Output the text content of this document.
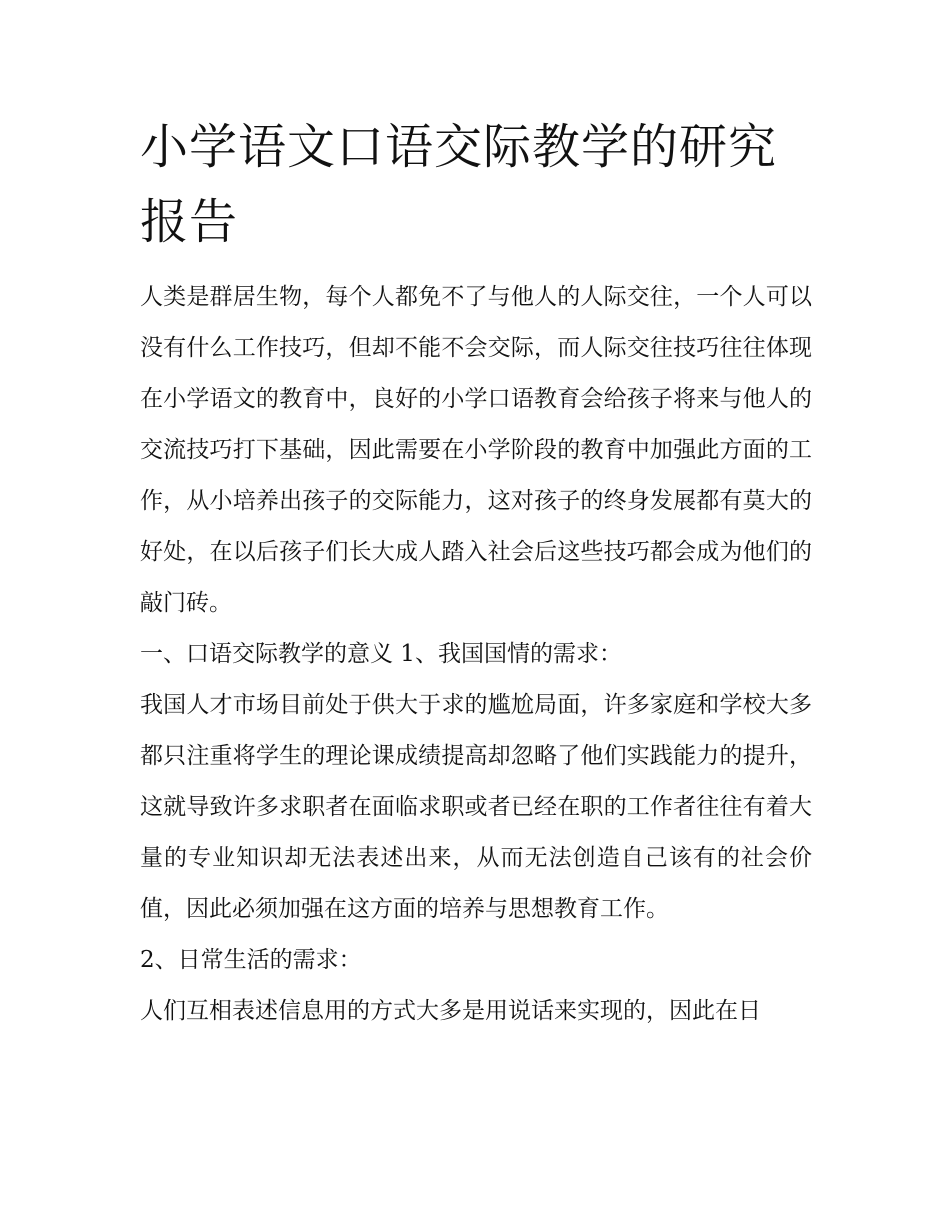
小学语文口语交际教学的研究报告

人类是群居生物，每个人都免不了与他人的人际交往，一个人可以没有什么工作技巧，但却不能不会交际，而人际交往技巧往往体现在小学语文的教育中，良好的小学口语教育会给孩子将来与他人的交流技巧打下基础，因此需要在小学阶段的教育中加强此方面的工作，从小培养出孩子的交际能力，这对孩子的终身发展都有莫大的好处，在以后孩子们长大成人踏入社会后这些技巧都会成为他们的敲门砖。

一、口语交际教学的意义 1、我国国情的需求：

我国人才市场目前处于供大于求的尴尬局面，许多家庭和学校大多都只注重将学生的理论课成绩提高却忽略了他们实践能力的提升，这就导致许多求职者在面临求职或者已经在职的工作者往往有着大量的专业知识却无法表述出来，从而无法创造自己该有的社会价值，因此必须加强在这方面的培养与思想教育工作。

2、日常生活的需求：

人们互相表述信息用的方式大多是用说话来实现的，因此在日
